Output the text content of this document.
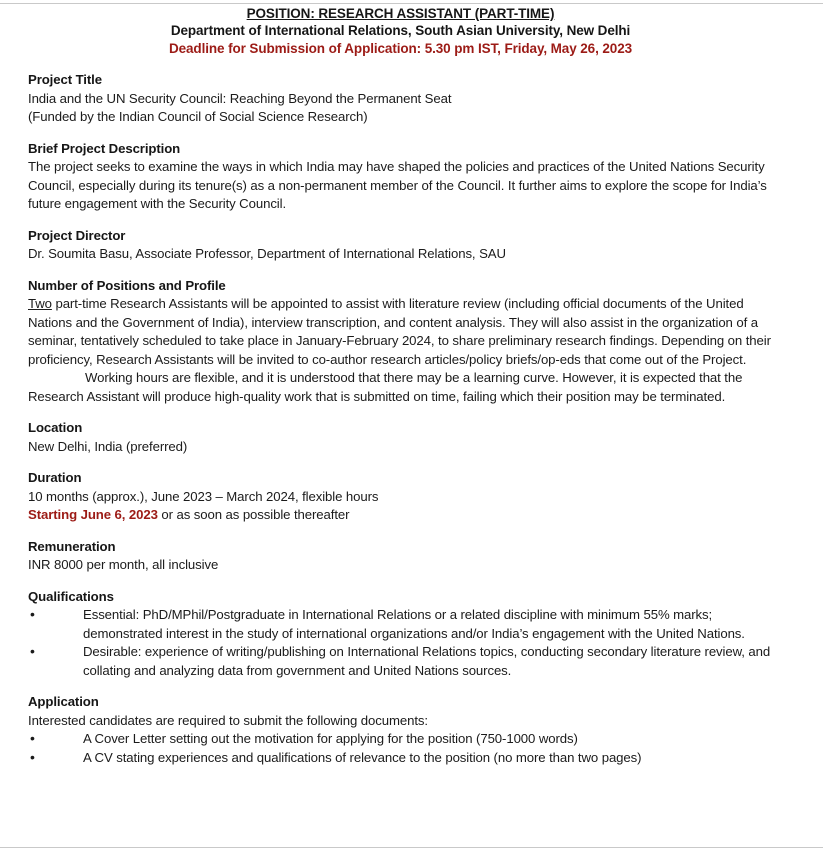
POSITION: RESEARCH ASSISTANT (PART-TIME)
Department of International Relations, South Asian University, New Delhi
Deadline for Submission of Application: 5.30 pm IST, Friday, May 26, 2023
Project Title
India and the UN Security Council: Reaching Beyond the Permanent Seat
(Funded by the Indian Council of Social Science Research)
Brief Project Description
The project seeks to examine the ways in which India may have shaped the policies and practices of the United Nations Security Council, especially during its tenure(s) as a non-permanent member of the Council. It further aims to explore the scope for India’s future engagement with the Security Council.
Project Director
Dr. Soumita Basu, Associate Professor, Department of International Relations, SAU
Number of Positions and Profile
Two part-time Research Assistants will be appointed to assist with literature review (including official documents of the United Nations and the Government of India), interview transcription, and content analysis. They will also assist in the organization of a seminar, tentatively scheduled to take place in January-February 2024, to share preliminary research findings. Depending on their proficiency, Research Assistants will be invited to co-author research articles/policy briefs/op-eds that come out of the Project.
Working hours are flexible, and it is understood that there may be a learning curve. However, it is expected that the Research Assistant will produce high-quality work that is submitted on time, failing which their position may be terminated.
Location
New Delhi, India (preferred)
Duration
10 months (approx.), June 2023 – March 2024, flexible hours
Starting June 6, 2023 or as soon as possible thereafter
Remuneration
INR 8000 per month, all inclusive
Qualifications
• Essential: PhD/MPhil/Postgraduate in International Relations or a related discipline with minimum 55% marks; demonstrated interest in the study of international organizations and/or India’s engagement with the United Nations.
• Desirable: experience of writing/publishing on International Relations topics, conducting secondary literature review, and collating and analyzing data from government and United Nations sources.
Application
Interested candidates are required to submit the following documents:
• A Cover Letter setting out the motivation for applying for the position (750-1000 words)
• A CV stating experiences and qualifications of relevance to the position (no more than two pages)
